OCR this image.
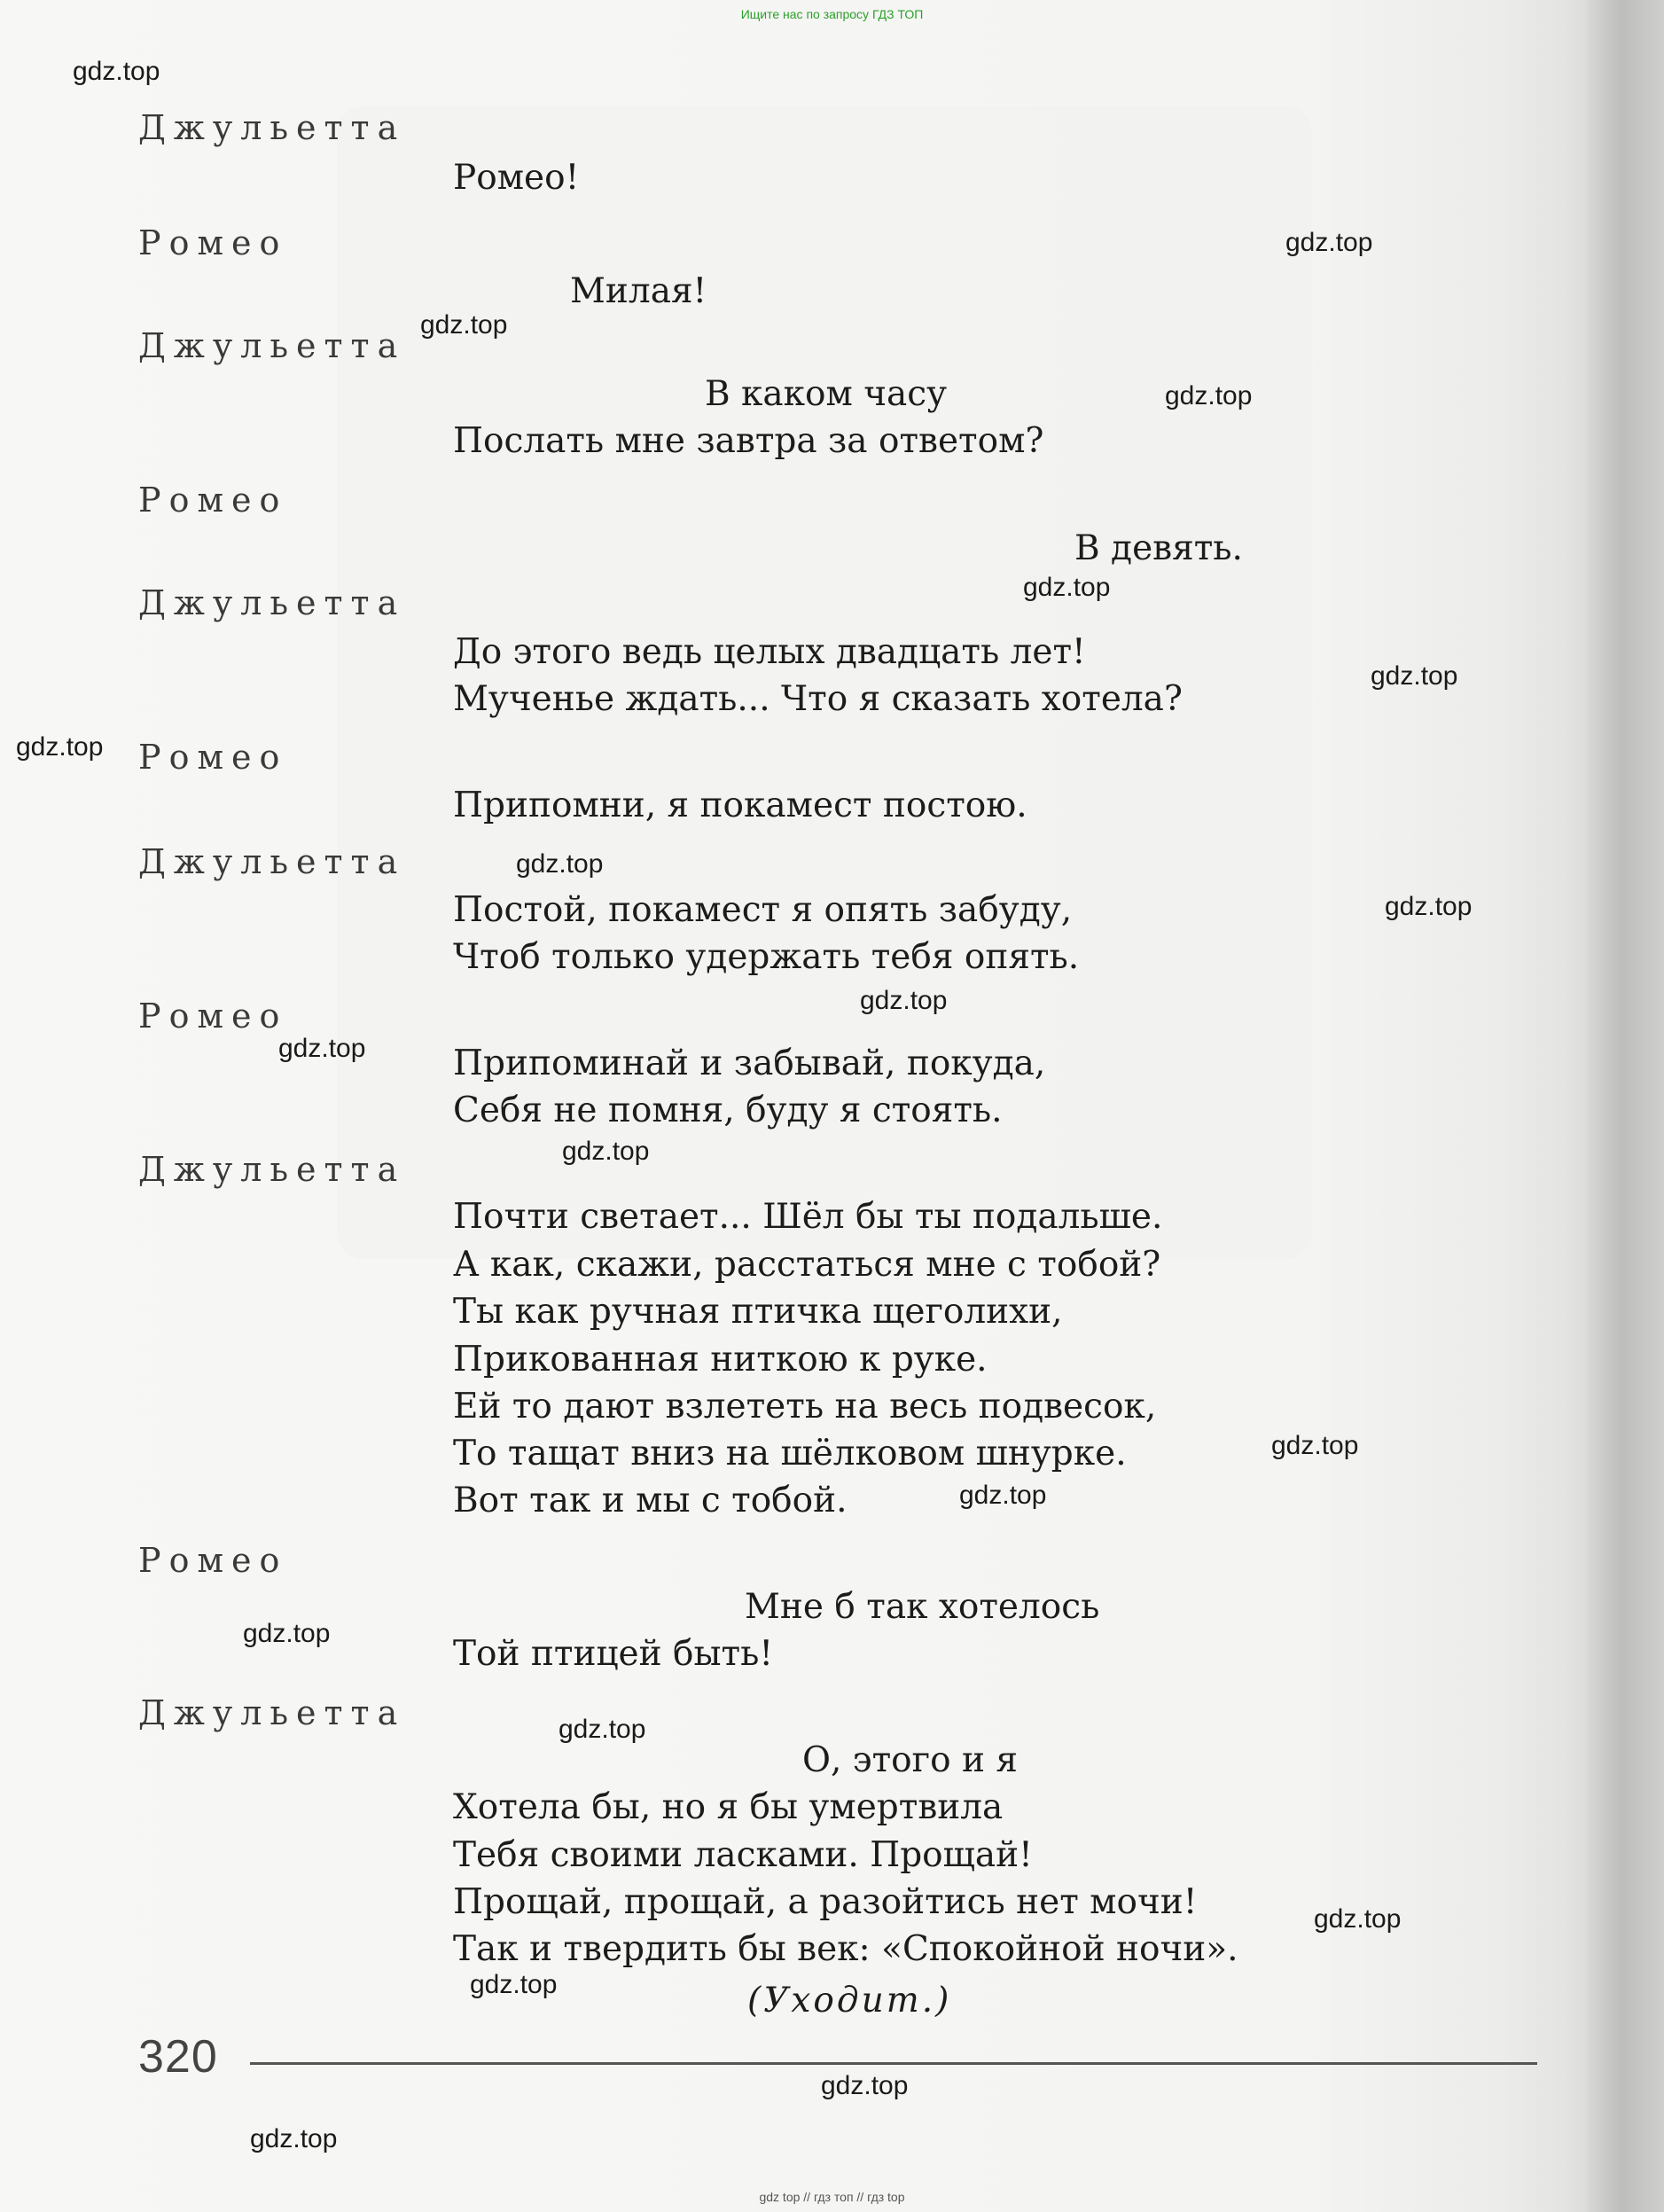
Ищите нас по запросу ГДЗ ТОП
Джульетта
Ромео!
Ромео
Милая!
Джульетта
В каком часу
Послать мне завтра за ответом?
Ромео
В девять.
Джульетта
До этого ведь целых двадцать лет!
Мученье ждать... Что я сказать хотела?
Ромео
Припомни, я покамест постою.
Джульетта
Постой, покамест я опять забуду,
Чтоб только удержать тебя опять.
Ромео
Припоминай и забывай, покуда,
Себя не помня, буду я стоять.
Джульетта
Почти светает... Шёл бы ты подальше.
А как, скажи, расстаться мне с тобой?
Ты как ручная птичка щеголихи,
Прикованная ниткою к руке.
Ей то дают взлететь на весь подвесок,
То тащат вниз на шёлковом шнурке.
Вот так и мы с тобой.
Ромео
Мне б так хотелось
Той птицей быть!
Джульетта
О, этого и я
Хотела бы, но я бы умертвила
Тебя своими ласками. Прощай!
Прощай, прощай, а разойтись нет мочи!
Так и твердить бы век: «Спокойной ночи».
(Уходит.)
320
gdz top // гдз топ // гдз top
gdz.top
gdz.top
gdz.top
gdz.top
gdz.top
gdz.top
gdz.top
gdz.top
gdz.top
gdz.top
gdz.top
gdz.top
gdz.top
gdz.top
gdz.top
gdz.top
gdz.top
gdz.top
gdz.top
gdz.top
